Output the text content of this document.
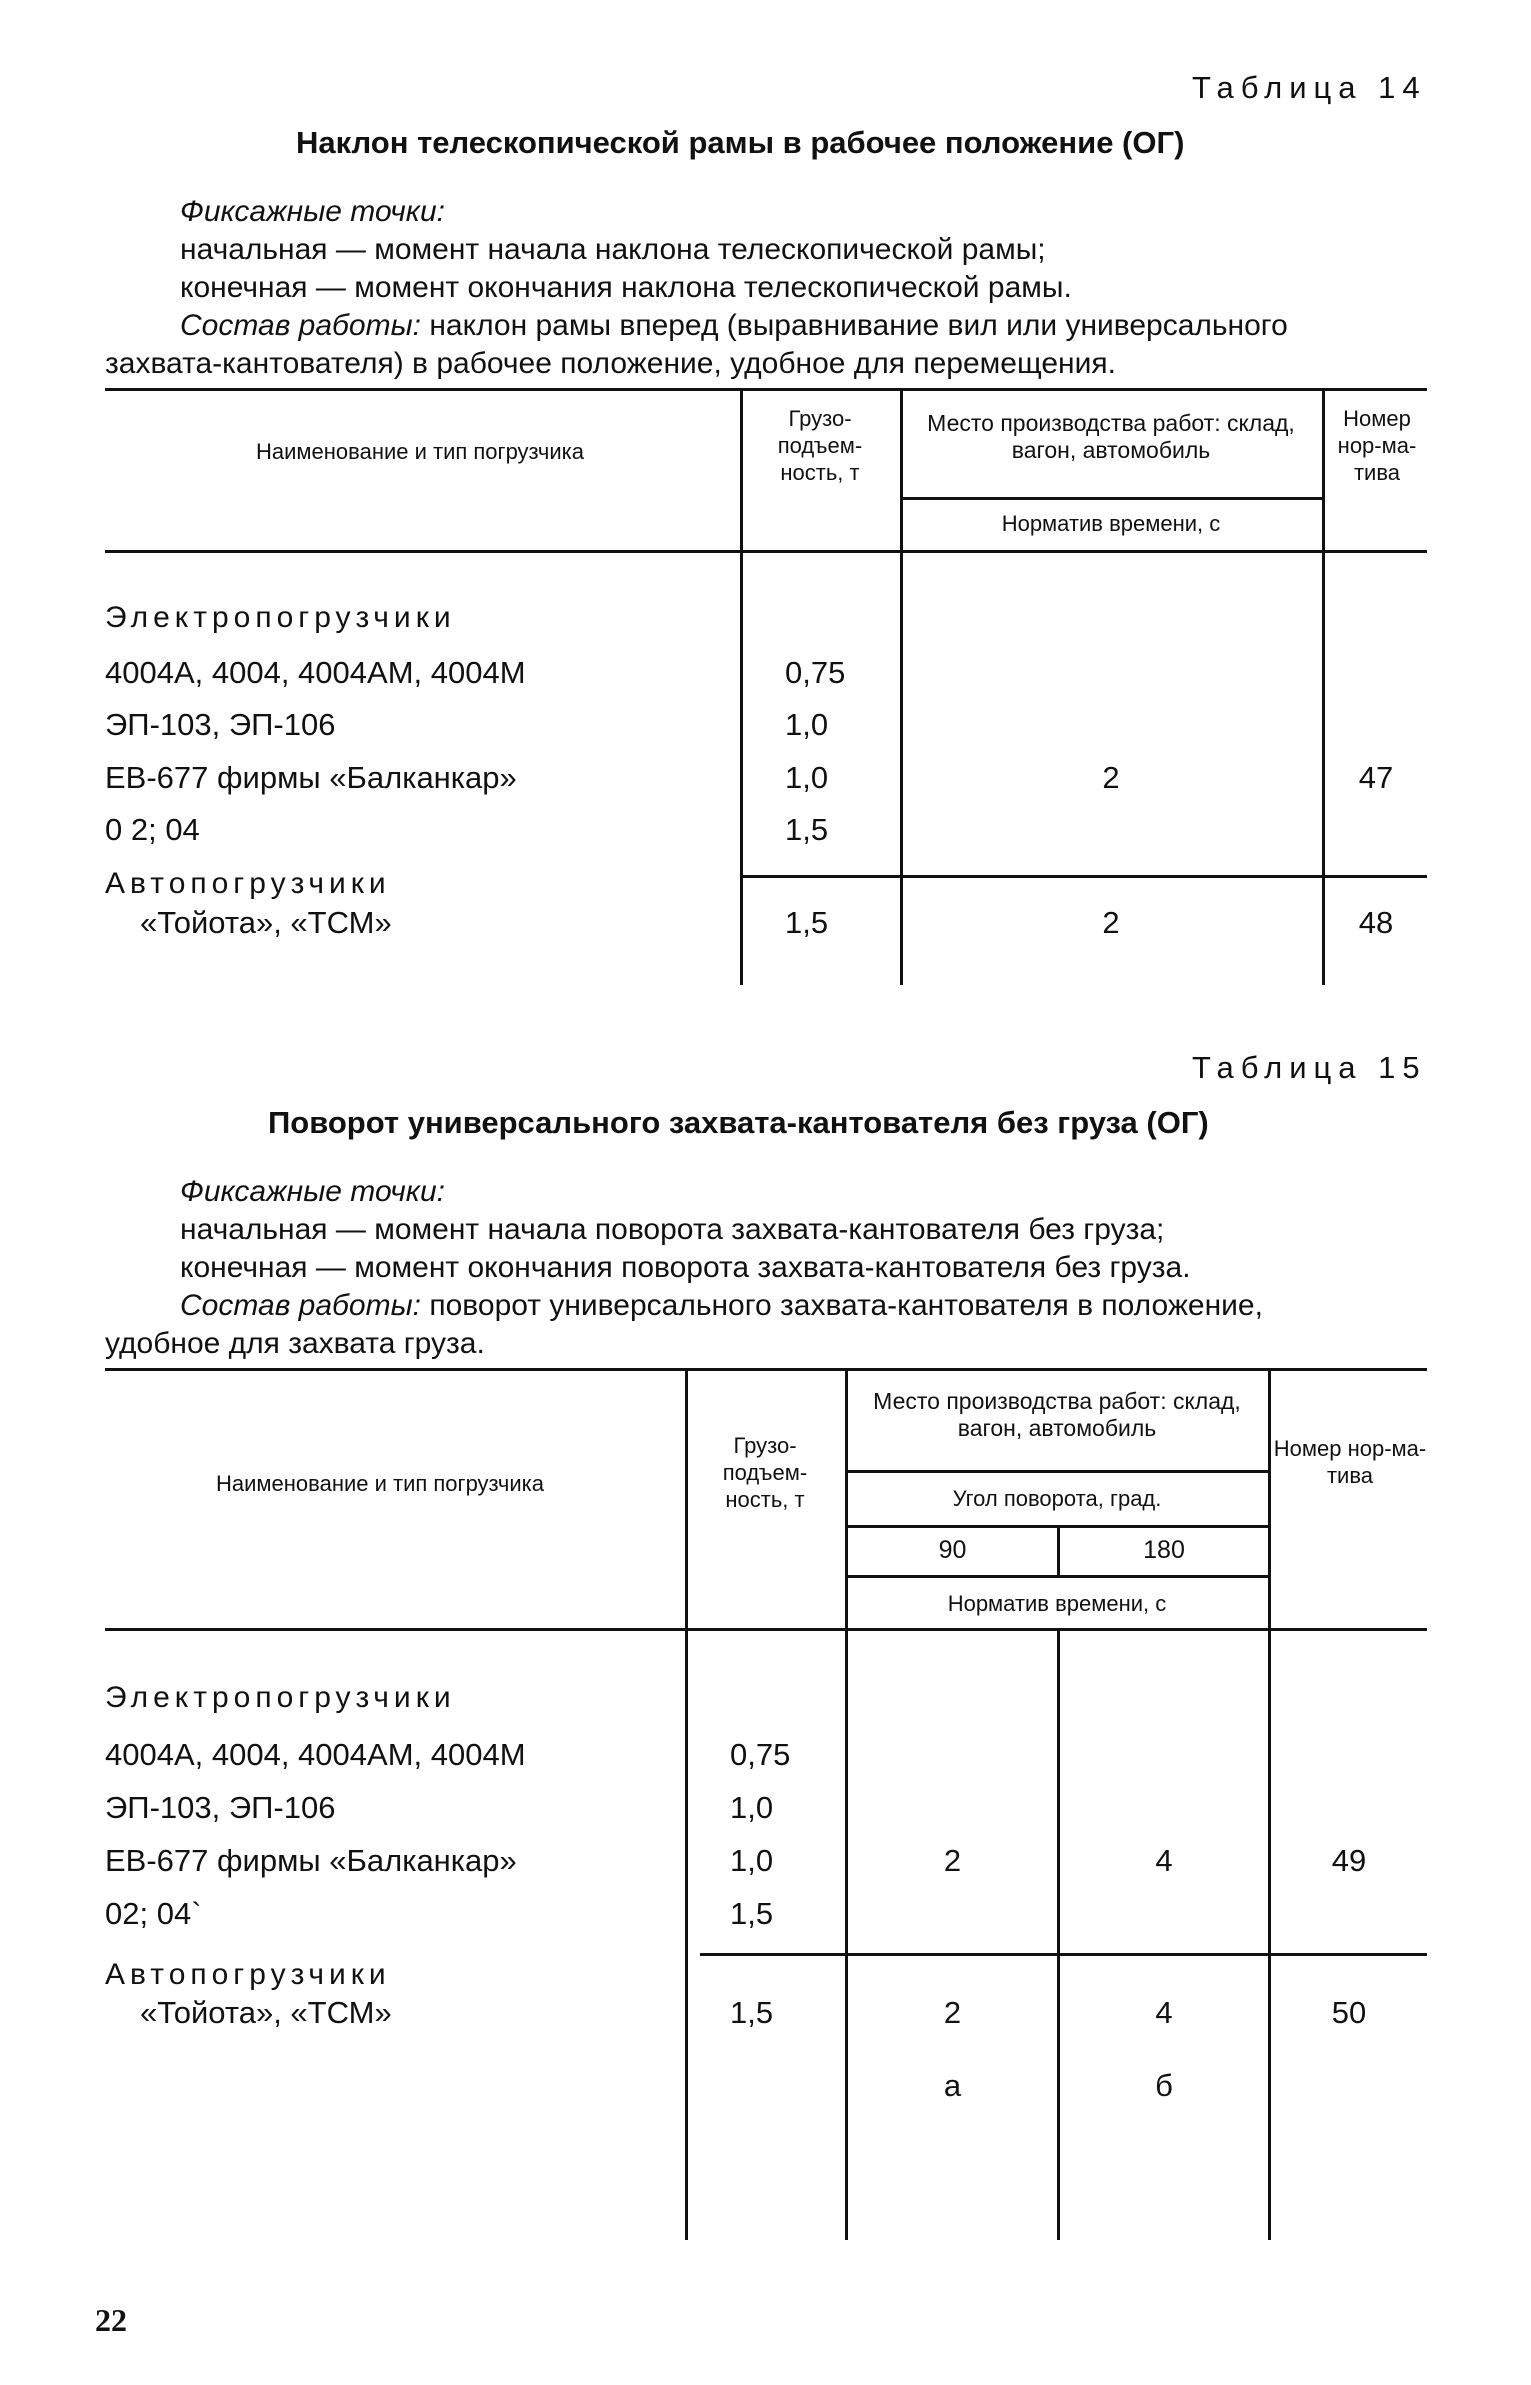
Таблица 14
Наклон телескопической рамы в рабочее положение (ОГ)
Фиксажные точки:
начальная — момент начала наклона телескопической рамы;
конечная — момент окончания наклона телескопической рамы.
Состав работы: наклон рамы вперед (выравнивание вил или универсального
захвата-кантователя) в рабочее положение, удобное для перемещения.
Наименование и тип погрузчика
Грузо-подъем-ность, т
Место производства работ: склад, вагон, автомобиль
Норматив времени, с
Номер нор-ма-тива
Электропогрузчики
4004А, 4004, 4004АМ, 4004М	0,75
ЭП-103, ЭП-106	1,0
ЕВ-677 фирмы «Балканкар»	1,0
0 2; 04	1,5
2	47
Автопогрузчики
«Тойота», «ТСМ»	1,5	2	48
Таблица 15
Поворот универсального захвата-кантователя без груза (ОГ)
Фиксажные точки:
начальная — момент начала поворота захвата-кантователя без груза;
конечная — момент окончания поворота захвата-кантователя без груза.
Состав работы: поворот универсального захвата-кантователя в положение,
удобное для захвата груза.
Наименование и тип погрузчика
Грузо-подъем-ность, т
Место производства работ: склад, вагон, автомобиль
Угол поворота, град.
90	180
Норматив времени, с
Номер нор-ма-тива
Электропогрузчики
4004А, 4004, 4004АМ, 4004М	0,75
ЭП-103, ЭП-106	1,0
ЕВ-677 фирмы «Балканкар»	1,0
02; 04`	1,5
2	4	49
Автопогрузчики
«Тойота», «ТСМ»	1,5	2	4	50
а	б
22
